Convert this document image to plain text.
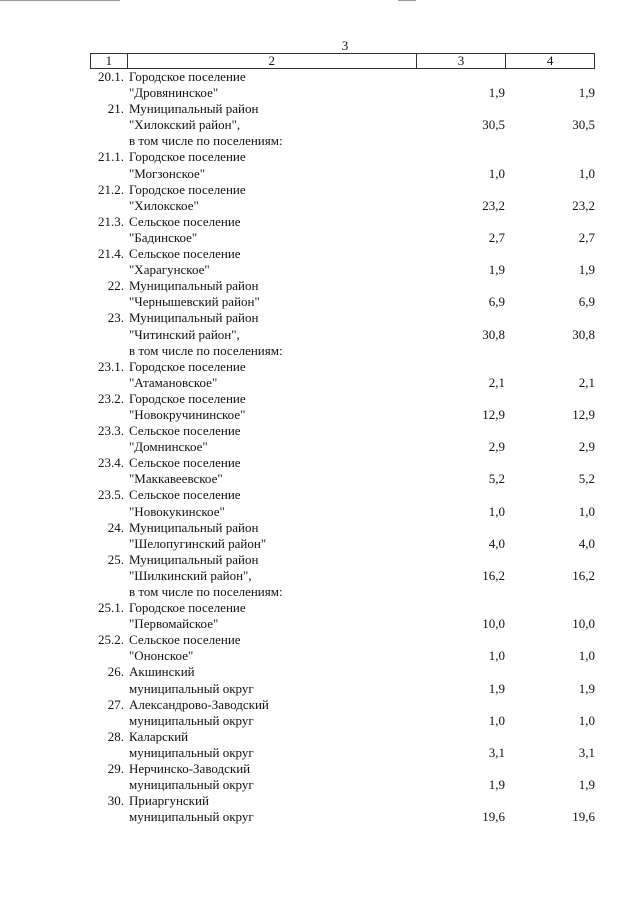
3
1	2	3	4
20.1. Городское поселение
"Дровянинское"	1,9	1,9
21. Муниципальный район
"Хилокский район",	30,5	30,5
в том числе по поселениям:
21.1. Городское поселение
"Могзонское"	1,0	1,0
21.2. Городское поселение
"Хилокское"	23,2	23,2
21.3. Сельское поселение
"Бадинское"	2,7	2,7
21.4. Сельское поселение
"Харагунское"	1,9	1,9
22. Муниципальный район
"Чернышевский район"	6,9	6,9
23. Муниципальный район
"Читинский район",	30,8	30,8
в том числе по поселениям:
23.1. Городское поселение
"Атамановское"	2,1	2,1
23.2. Городское поселение
"Новокручининское"	12,9	12,9
23.3. Сельское поселение
"Домнинское"	2,9	2,9
23.4. Сельское поселение
"Маккавеевское"	5,2	5,2
23.5. Сельское поселение
"Новокукинское"	1,0	1,0
24. Муниципальный район
"Шелопугинский район"	4,0	4,0
25. Муниципальный район
"Шилкинский район",	16,2	16,2
в том числе по поселениям:
25.1. Городское поселение
"Первомайское"	10,0	10,0
25.2. Сельское поселение
"Ононское"	1,0	1,0
26. Акшинский
муниципальный округ	1,9	1,9
27. Александрово-Заводский
муниципальный округ	1,0	1,0
28. Каларский
муниципальный округ	3,1	3,1
29. Нерчинско-Заводский
муниципальный округ	1,9	1,9
30. Приаргунский
муниципальный округ	19,6	19,6
